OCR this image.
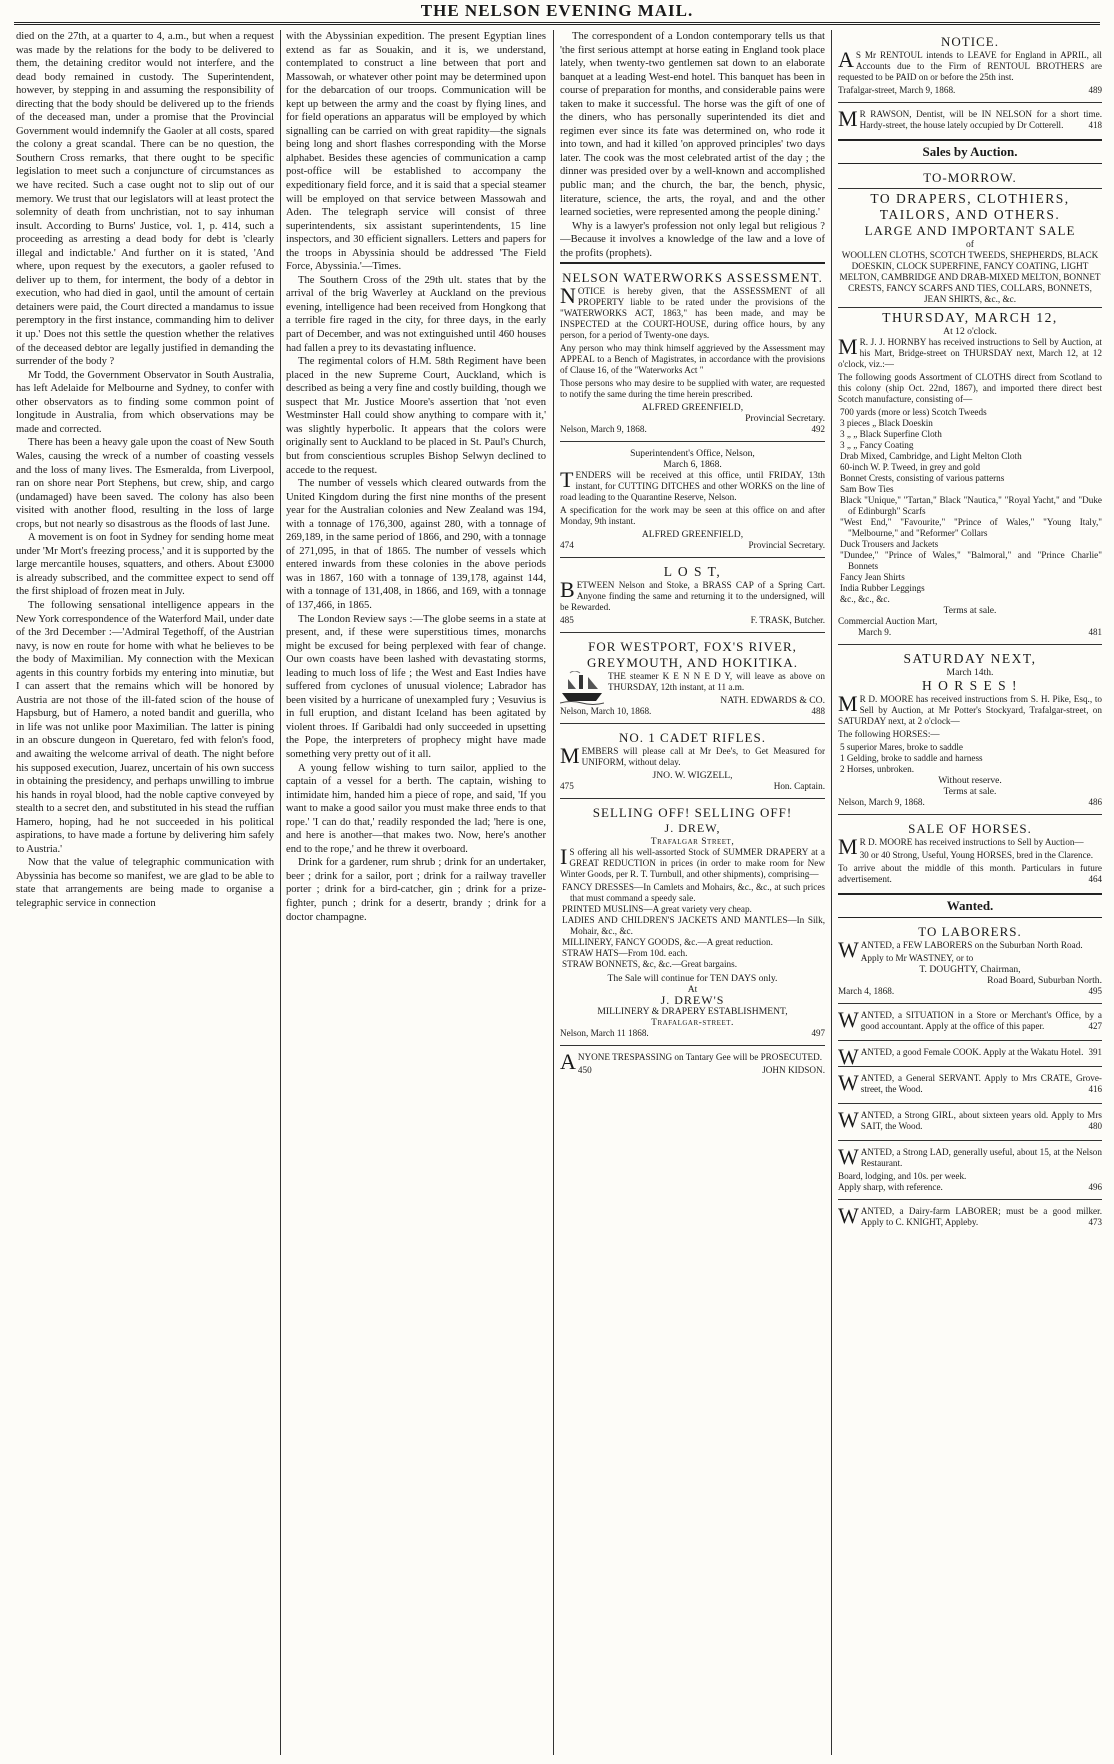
THE NELSON EVENING MAIL.

died on the 27th, at a quarter to 4, a.m., but when a request was made by the relations for the body to be delivered to them, the detaining creditor would not interfere, and the dead body remained in custody. The Superintendent, however, by stepping in and assuming the responsibility of directing that the body should be delivered up to the friends of the deceased man, under a promise that the Provincial Government would indemnify the Gaoler at all costs, spared the colony a great scandal. There can be no question, the Southern Cross remarks, that there ought to be specific legislation to meet such a conjuncture of circumstances as we have recited. Such a case ought not to slip out of our memory. We trust that our legislators will at least protect the solemnity of death from unchristian, not to say inhuman insult. According to Burns' Justice, vol. 1, p. 414, such a proceeding as arresting a dead body for debt is 'clearly illegal and indictable.' And further on it is stated, 'And where, upon request by the executors, a gaoler refused to deliver up to them, for interment, the body of a debtor in execution, who had died in gaol, until the amount of certain detainers were paid, the Court directed a mandamus to issue peremptory in the first instance, commanding him to deliver it up.' Does not this settle the question whether the relatives of the deceased debtor are legally justified in demanding the surrender of the body ?

Mr Todd, the Government Observator in South Australia, has left Adelaide for Melbourne and Sydney, to confer with other observators as to finding some common point of longitude in Australia, from which observations may be made and corrected.

There has been a heavy gale upon the coast of New South Wales, causing the wreck of a number of coasting vessels and the loss of many lives. The Esmeralda, from Liverpool, ran on shore near Port Stephens, but crew, ship, and cargo (undamaged) have been saved. The colony has also been visited with another flood, resulting in the loss of large crops, but not nearly so disastrous as the floods of last June.

A movement is on foot in Sydney for sending home meat under 'Mr Mort's freezing process,' and it is supported by the large mercantile houses, squatters, and others. About £3000 is already subscribed, and the committee expect to send off the first shipload of frozen meat in July.

The following sensational intelligence appears in the New York correspondence of the Waterford Mail, under date of the 3rd December :—'Admiral Tegethoff, of the Austrian navy, is now en route for home with what he believes to be the body of Maximilian. My connection with the Mexican agents in this country forbids my entering into minutiæ, but I can assert that the remains which will be honored by Austria are not those of the ill-fated scion of the house of Hapsburg, but of Hamero, a noted bandit and guerilla, who in life was not unlike poor Maximilian. The latter is pining in an obscure dungeon in Queretaro, fed with felon's food, and awaiting the welcome arrival of death. The night before his supposed execution, Juarez, uncertain of his own success in obtaining the presidency, and perhaps unwilling to imbrue his hands in royal blood, had the noble captive conveyed by stealth to a secret den, and substituted in his stead the ruffian Hamero, hoping, had he not succeeded in his political aspirations, to have made a fortune by delivering him safely to Austria.'

Now that the value of telegraphic communication with Abyssinia has become so manifest, we are glad to be able to state that arrangements are being made to organise a telegraphic service in connection

with the Abyssinian expedition. The present Egyptian lines extend as far as Souakin, and it is, we understand, contemplated to construct a line between that port and Massowah, or whatever other point may be determined upon for the debarcation of our troops. Communication will be kept up between the army and the coast by flying lines, and for field operations an apparatus will be employed by which signalling can be carried on with great rapidity—the signals being long and short flashes corresponding with the Morse alphabet. Besides these agencies of communication a camp post-office will be established to accompany the expeditionary field force, and it is said that a special steamer will be employed on that service between Massowah and Aden. The telegraph service will consist of three superintendents, six assistant superintendents, 15 line inspectors, and 30 efficient signallers. Letters and papers for the troops in Abyssinia should be addressed 'The Field Force, Abyssinia.'—Times.

The Southern Cross of the 29th ult. states that by the arrival of the brig Waverley at Auckland on the previous evening, intelligence had been received from Hongkong that a terrible fire raged in the city, for three days, in the early part of December, and was not extinguished until 460 houses had fallen a prey to its devastating influence.

The regimental colors of H.M. 58th Regiment have been placed in the new Supreme Court, Auckland, which is described as being a very fine and costly building, though we suspect that Mr. Justice Moore's assertion that 'not even Westminster Hall could show anything to compare with it,' was slightly hyperbolic. It appears that the colors were originally sent to Auckland to be placed in St. Paul's Church, but from conscientious scruples Bishop Selwyn declined to accede to the request.

The number of vessels which cleared outwards from the United Kingdom during the first nine months of the present year for the Australian colonies and New Zealand was 194, with a tonnage of 176,300, against 280, with a tonnage of 269,189, in the same period of 1866, and 290, with a tonnage of 271,095, in that of 1865. The number of vessels which entered inwards from these colonies in the above periods was in 1867, 160 with a tonnage of 139,178, against 144, with a tonnage of 131,408, in 1866, and 169, with a tonnage of 137,466, in 1865.

The London Review says :—The globe seems in a state at present, and, if these were superstitious times, monarchs might be excused for being perplexed with fear of change. Our own coasts have been lashed with devastating storms, leading to much loss of life ; the West and East Indies have suffered from cyclones of unusual violence; Labrador has been visited by a hurricane of unexampled fury ; Vesuvius is in full eruption, and distant Iceland has been agitated by violent throes. If Garibaldi had only succeeded in upsetting the Pope, the interpreters of prophecy might have made something very pretty out of it all.

A young fellow wishing to turn sailor, applied to the captain of a vessel for a berth. The captain, wishing to intimidate him, handed him a piece of rope, and said, 'If you want to make a good sailor you must make three ends to that rope.' 'I can do that,' readily responded the lad; 'here is one, and here is another—that makes two. Now, here's another end to the rope,' and he threw it overboard.

Drink for a gardener, rum shrub ; drink for an undertaker, beer ; drink for a sailor, port ; drink for a railway traveller porter ; drink for a bird-catcher, gin ; drink for a prize-fighter, punch ; drink for a desertr, brandy ; drink for a doctor champagne.

The correspondent of a London contemporary tells us that 'the first serious attempt at horse eating in England took place lately, when twenty-two gentlemen sat down to an elaborate banquet at a leading West-end hotel. This banquet has been in course of preparation for months, and considerable pains were taken to make it successful. The horse was the gift of one of the diners, who has personally superintended its diet and regimen ever since its fate was determined on, who rode it into town, and had it killed 'on approved principles' two days later. The cook was the most celebrated artist of the day ; the dinner was presided over by a well-known and accomplished public man; and the church, the bar, the bench, physic, literature, science, the arts, the royal, and and the other learned societies, were represented among the people dining.'

Why is a lawyer's profession not only legal but religious ?—Because it involves a knowledge of the law and a love of the profits (prophets).

NELSON WATERWORKS ASSESSMENT.

NOTICE is hereby given, that the ASSESSMENT of all PROPERTY liable to be rated under the provisions of the "WATERWORKS ACT, 1863," has been made, and may be INSPECTED at the COURT-HOUSE, during office hours, by any person, for a period of Twenty-one days.

Any person who may think himself aggrieved by the Assessment may APPEAL to a Bench of Magistrates, in accordance with the provisions of Clause 16, of the "Waterworks Act "

Those persons who may desire to be supplied with water, are requested to notify the same during the time herein prescribed.

ALFRED GREENFIELD,
Provincial Secretary.
Nelson, March 9, 1868.	492
Superintendent's Office, Nelson,
March 6, 1868.

TENDERS will be received at this office, until FRIDAY, 13th instant, for CUTTING DITCHES and other WORKS on the line of road leading to the Quarantine Reserve, Nelson.

A specification for the work may be seen at this office on and after Monday, 9th instant.

ALFRED GREENFIELD,
474	Provincial Secretary.
L O S T,

BETWEEN Nelson and Stoke, a BRASS CAP of a Spring Cart. Anyone finding the same and returning it to the undersigned, will be Rewarded.

485	F. TRASK, Butcher.
FOR WESTPORT, FOX'S RIVER, GREYMOUTH, AND HOKITIKA.

THE steamer K E N N E D Y, will leave as above on THURSDAY, 12th instant, at 11 a.m.

NATH. EDWARDS & CO.
Nelson, March 10, 1868.	488
NO. 1 CADET RIFLES.

MEMBERS will please call at Mr Dee's, to Get Measured for UNIFORM, without delay.

JNO. W. WIGZELL,
475	Hon. Captain.
SELLING OFF! SELLING OFF!
J. DREW,
Trafalgar Street,

I S offering all his well-assorted Stock of SUMMER DRAPERY at a GREAT REDUCTION in prices (in order to make room for New Winter Goods, per R. T. Turnbull, and other shipments), comprising—

FANCY DRESSES—In Camlets and Mohairs, &c., &c., at such prices that must command a speedy sale.
PRINTED MUSLINS—A great variety very cheap.
LADIES AND CHILDREN'S JACKETS AND MANTLES—In Silk, Mohair, &c., &c.
MILLINERY, FANCY GOODS, &c.—A great reduction.
STRAW HATS—From 10d. each.
STRAW BONNETS, &c, &c.—Great bargains.
The Sale will continue for TEN DAYS only.
At
J. DREW'S
MILLINERY & DRAPERY ESTABLISHMENT,
Trafalgar-street.
Nelson, March 11 1868.	497

ANYONE TRESPASSING on Tantary Gee will be PROSECUTED.

450	JOHN KIDSON.
NOTICE.

A S Mr RENTOUL intends to LEAVE for England in APRIL, all Accounts due to the Firm of RENTOUL BROTHERS are requested to be PAID on or before the 25th inst.

Trafalgar-street, March 9, 1868.	489

M R RAWSON, Dentist, will be IN NELSON for a short time. Hardy-street, the house lately occupied by Dr Cotterell.	418

Sales by Auction.
TO-MORROW.
TO DRAPERS, CLOTHIERS, TAILORS, AND OTHERS.
LARGE AND IMPORTANT SALE
of
WOOLLEN CLOTHS, SCOTCH TWEEDS, SHEPHERDS, BLACK DOESKIN, CLOCK SUPERFINE, FANCY COATING, LIGHT MELTON, CAMBRIDGE AND DRAB-MIXED MELTON, BONNET CRESTS, FANCY SCARFS AND TIES, COLLARS, BONNETS, JEAN SHIRTS, &c., &c.
THURSDAY, MARCH 12,
At 12 o'clock.

M R. J. J. HORNBY has received instructions to Sell by Auction, at his Mart, Bridge-street on THURSDAY next, March 12, at 12 o'clock, viz.:—

The following goods Assortment of CLOTHS direct from Scotland to this colony (ship Oct. 22nd, 1867), and imported there direct best Scotch manufacture, consisting of—

700 yards (more or less) Scotch Tweeds
3 pieces „ Black Doeskin
3 „ „ Black Superfine Cloth
3 „ „ Fancy Coating
Drab Mixed, Cambridge, and Light Melton Cloth
60-inch W. P. Tweed, in grey and gold
Bonnet Crests, consisting of various patterns
Sam Bow Ties
Black "Unique," "Tartan," Black "Nautica," "Royal Yacht," and "Duke of Edinburgh" Scarfs
"West End," "Favourite," "Prince of Wales," "Young Italy," "Melbourne," and "Reformer" Collars
Duck Trousers and Jackets
"Dundee," "Prince of Wales," "Balmoral," and "Prince Charlie" Bonnets
Fancy Jean Shirts
India Rubber Leggings
&c., &c., &c.
Terms at sale.
Commercial Auction Mart,
March 9.	481
SATURDAY NEXT,
March 14th.
H O R S E S !

M R D. MOORE has received instructions from S. H. Pike, Esq., to Sell by Auction, at Mr Potter's Stockyard, Trafalgar-street, on SATURDAY next, at 2 o'clock—

The following HORSES:—

5 superior Mares, broke to saddle
1 Gelding, broke to saddle and harness
2 Horses, unbroken.
Without reserve.
Terms at sale.
Nelson, March 9, 1868.	486
SALE OF HORSES.

M R D. MOORE has received instructions to Sell by Auction—

30 or 40 Strong, Useful, Young HORSES, bred in the Clarence.

To arrive about the middle of this month. Particulars in future advertisement.	464

Wanted.
TO LABORERS.

WANTED, a FEW LABORERS on the Suburban North Road.

Apply to Mr WASTNEY, or to
T. DOUGHTY, Chairman,
Road Board, Suburban North.
March 4, 1868.	495

WANTED, a SITUATION in a Store or Merchant's Office, by a good accountant. Apply at the office of this paper.	427

WANTED, a good Female COOK. Apply at the Wakatu Hotel. 391

WANTED, a General SERVANT. Apply to Mrs CRATE, Grove-street, the Wood.	416

WANTED, a Strong GIRL, about sixteen years old. Apply to Mrs SAIT, the Wood.	480

WANTED, a Strong LAD, generally useful, about 15, at the Nelson Restaurant.

Board, lodging, and 10s. per week.
Apply sharp, with reference.	496

WANTED, a Dairy-farm LABORER; must be a good milker. Apply to C. KNIGHT, Appleby.	473
